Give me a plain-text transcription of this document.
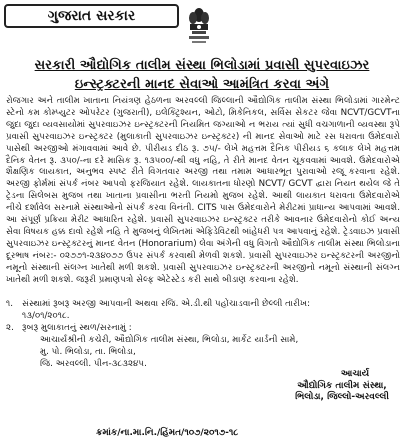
ગુજરાત સરકાર
સરકારી ઔદ્યોગિક તાલીમ સંસ્થા ભિલોડામાં પ્રવાસી સુપરવાઇઝર
ઇન્સ્ટ્રક્ટરની માનદ સેવાઓ આમંત્રિત કરવા અંગે
રોજગાર અને તાલીમ ખાતાના નિયંત્રણ હેઠળના અરવલ્લી જિલ્લાની ઔદ્યોગિક તાલીમ સંસ્થા ભિલોડામાં ગારમેન્ટ સ્ટેનો કમ કોમ્પ્યુટર ઓપરેટર (ગુજરાતી), ઇલેક્ટ્રિશ્યન, ઓટો, મિકેનિકલ, સર્વિસ સેકટર જેવા NCVT/GCVTના જુદા જુદા વ્યવસાયોમાં સુપરવાઇઝર ઇન્સ્ટ્રક્ટરની નિયમિત જગ્યાઓ ન ભરાય ત્યાં સુધી વચગાળાની વ્યવસ્થા રૂપે પ્રવાસી સુપરવાઇઝર ઇન્સ્ટ્રક્ટર (મુલાકાતી સુપરવાઇઝર ઇન્સ્ટ્રક્ટર) ની માનદ સેવાઓ માટે રસ ધરાવતા ઉમેદવારો પાસેથી અરજીઓ મંગાવવામાં આવે છે. પીરીયડ દીઠ રૂ. ૭૫/- લેખે મહત્તમ દૈનિક પીરીયડ ૬ કલાક લેખે મહત્તમ દૈનિક વેતન રૂ. ૩૫૦/-ના દરે માસિક રૂ. ૧૩૫૦૦/-થી વધુ નહિ, તે રીતે માનદ વેતન ચૂકવવામાં આવશે. ઉમેદવારોએ શૈક્ષણિક લાયકાત, અનુભવ સ્પષ્ટ રીતે વિગતવાર અરજી તથા તમામ આધારભૂત પુરાવાઓ રજૂ કરવાના રહેશે. અરજી ફોર્મમાં સંપર્ક નંબર આપવો ફરજિયાત રહેશે. લાયકાતના ધોરણો NCVT/ GCVT દ્વારા નિયત થયેલ જે તે ટ્રેડના સિલેબસ મુજબ તથા ખાતાના પ્રવાસીના ભરતી નિયમો મુજબ રહેશે. આથી લાયકાત ધરાવતા ઉમેદવારોએ નીચે દર્શાવેલ સરનામે સંસ્થાઓનો સંપર્ક કરવા વિનંતી. CITS પાસ ઉમેદવારોને મેરીટમાં પ્રાધાન્ય આપવામાં આવશે. આ સંપૂર્ણ પ્રક્રિયા મેરીટ આધારિત રહેશે. પ્રવાસી સુપરવાઇઝર ઇન્સ્ટ્રક્ટર તરીકે આવનાર ઉમેદવારોનો કોઈ અન્ય સેવા વિષયક હક્ક દાવો રહેશે નહિ તે મુજબનું લેખિતમાં એફિડેવિટથી બાંહેધરી પત્ર આપવાનું રહેશે. ટ્રેડવાઇઝ પ્રવાસી સુપરવાઇઝર ઇન્સ્ટ્રક્ટરનું માનદ વેતન (Honorarium) લેવા અંગેની વધુ વિગતો ઔદ્યોગિક તાલીમ સંસ્થા ભિલોડાના દૂરભાષ નંબર:- ૦૨૭૭૧-૨૩૪૦૭૭ ઉપર સંપર્ક કરવાથી મેળવી શકશે. પ્રવાસી સુપરવાઇઝર ઇન્સ્ટ્રક્ટરની અરજીનો નમૂનો સંસ્થાની સંલગ્ન ખાતેથી મળી શકશે. પ્રવાસી સુપરવાઇઝર ઇન્સ્ટ્રક્ટરની અરજીનો નમૂનો સંસ્થાની સંલગ્ન ખાતેથી મળી શકશે. જરૂરી પ્રમાણપત્રો સેલ્ફ એટેસ્ટેડ કરી સાથે બીડાણ કરવાના રહેશે.
૧.	સંસ્થામાં રૂબરૂ અરજી આપવાની અથવા રજિ. એ.ડી.થી પહોંચાડવાની છેલ્લી તારીખ:
૧૩/૦૧/૨૦૧૮.
૨. રૂબરૂ મુલાકાતનું સ્થળ/સરનામું :
આચાર્યશ્રીની કચેરી, ઔદ્યોગિક તાલીમ સંસ્થા, ભિલોડા, માર્કેટ યાર્ડની સામે,
મુ. પો. ભિલોડા, તા. ભિલોડા,
જિ. અરવલ્લી. પીન-૩૮૩૨૪૫.
આચાર્ય
ઔદ્યોગિક તાલીમ સંસ્થા,
ભિલોડા, જિલ્લો-અરવલ્લી
ક્રમાંક/ના.મા.નિ./હિંમત/૧૦૭/૨૦૧૭-૧૮
